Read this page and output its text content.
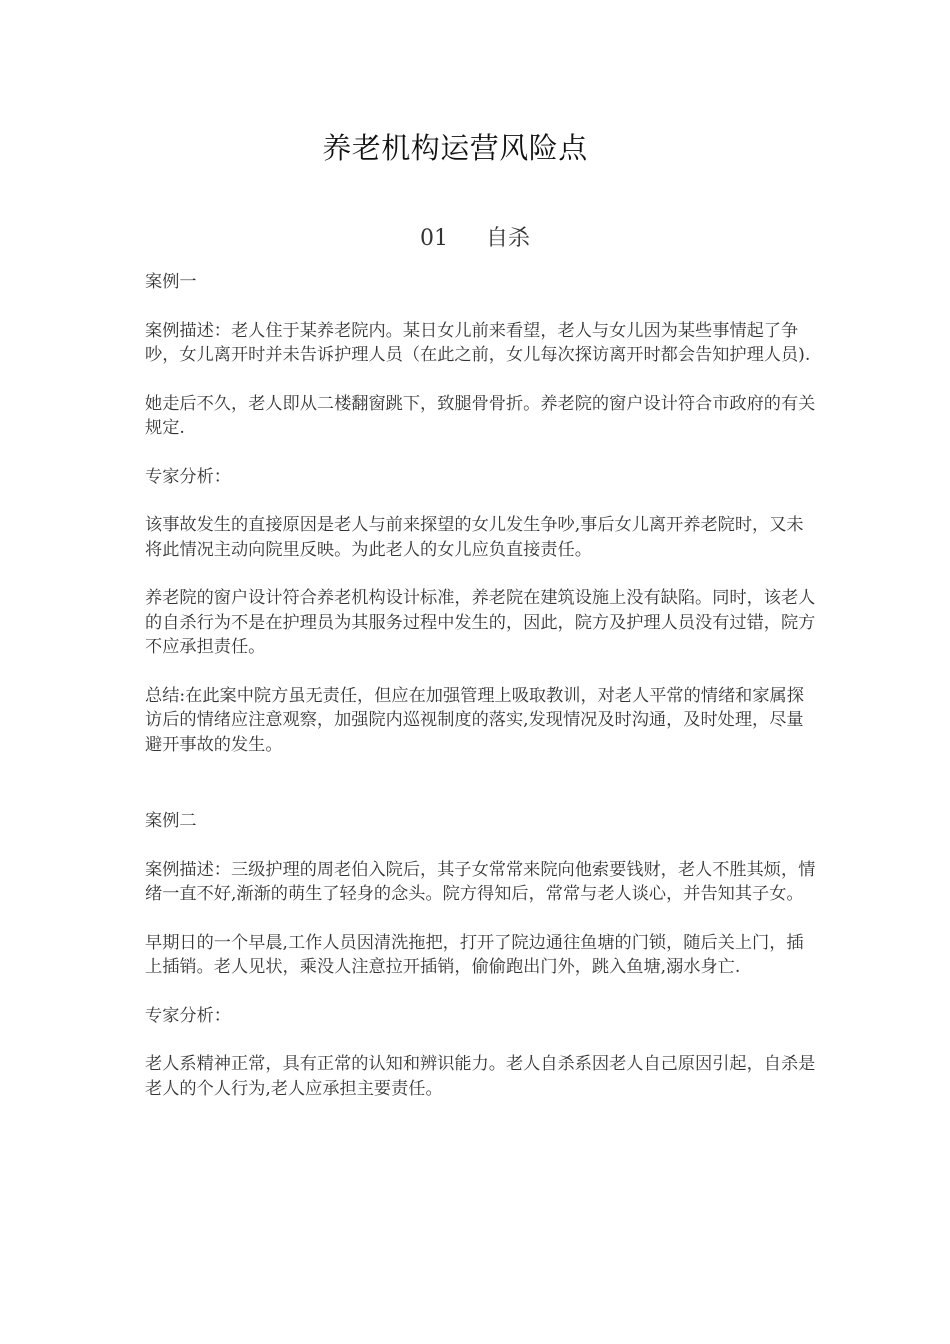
养老机构运营风险点
01 自杀

案例一

案例描述：老人住于某养老院内。某日女儿前来看望，老人与女儿因为某些事情起了争吵，女儿离开时并未告诉护理人员（在此之前，女儿每次探访离开时都会告知护理人员).

她走后不久，老人即从二楼翻窗跳下，致腿骨骨折。养老院的窗户设计符合市政府的有关规定.

专家分析：

该事故发生的直接原因是老人与前来探望的女儿发生争吵,事后女儿离开养老院时，又未将此情况主动向院里反映。为此老人的女儿应负直接责任。

养老院的窗户设计符合养老机构设计标准，养老院在建筑设施上没有缺陷。同时，该老人的自杀行为不是在护理员为其服务过程中发生的，因此，院方及护理人员没有过错，院方不应承担责任。

总结:在此案中院方虽无责任，但应在加强管理上吸取教训，对老人平常的情绪和家属探访后的情绪应注意观察，加强院内巡视制度的落实,发现情况及时沟通，及时处理，尽量避开事故的发生。

案例二

案例描述：三级护理的周老伯入院后，其子女常常来院向他索要钱财，老人不胜其烦，情绪一直不好,渐渐的萌生了轻身的念头。院方得知后，常常与老人谈心，并告知其子女。

早期日的一个早晨,工作人员因清洗拖把，打开了院边通往鱼塘的门锁，随后关上门，插上插销。老人见状，乘没人注意拉开插销，偷偷跑出门外，跳入鱼塘,溺水身亡.

专家分析：

老人系精神正常，具有正常的认知和辨识能力。老人自杀系因老人自己原因引起，自杀是老人的个人行为,老人应承担主要责任。
